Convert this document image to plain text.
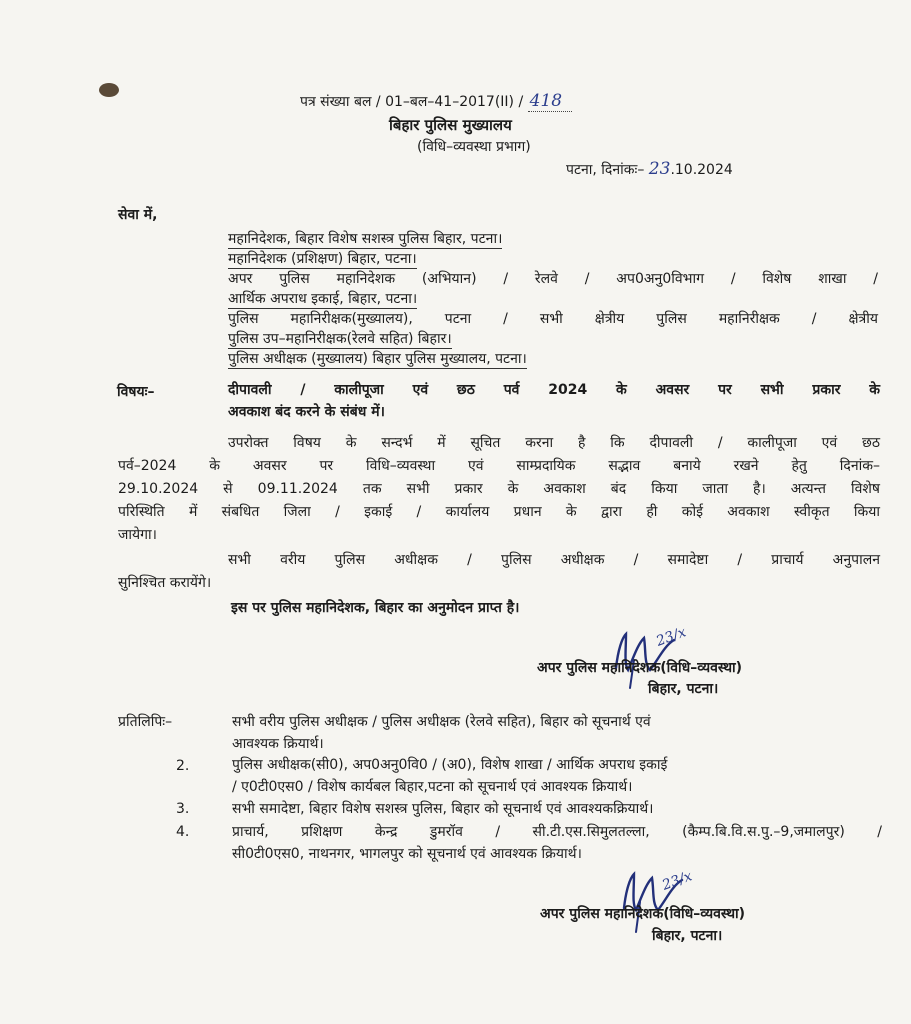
पत्र संख्या बल / 01–बल–41–2017(II) / 418
बिहार पुलिस मुख्यालय
(विधि–व्यवस्था प्रभाग)
पटना, दिनांकः– 23.10.2024
सेवा में,
महानिदेशक, बिहार विशेष सशस्त्र पुलिस बिहार, पटना।
महानिदेशक (प्रशिक्षण) बिहार, पटना।
अपर पुलिस महानिदेशक (अभियान) / रेलवे / अप0अनु0विभाग / विशेष शाखा /
आर्थिक अपराध इकाई, बिहार, पटना।
पुलिस महानिरीक्षक(मुख्यालय), पटना / सभी क्षेत्रीय पुलिस महानिरीक्षक / क्षेत्रीय
पुलिस उप–महानिरीक्षक(रेलवे सहित) बिहार।
पुलिस अधीक्षक (मुख्यालय) बिहार पुलिस मुख्यालय, पटना।
विषयः–	दीपावली / कालीपूजा एवं छठ पर्व 2024 के अवसर पर सभी प्रकार के
अवकाश बंद करने के संबंध में।
उपरोक्त विषय के सन्दर्भ में सूचित करना है कि दीपावली / कालीपूजा एवं छठ
पर्व–2024 के अवसर पर विधि–व्यवस्था एवं साम्प्रदायिक सद्भाव बनाये रखने हेतु दिनांक–
29.10.2024 से 09.11.2024 तक सभी प्रकार के अवकाश बंद किया जाता है। अत्यन्त विशेष
परिस्थिति में संबधित जिला / इकाई / कार्यालय प्रधान के द्वारा ही कोई अवकाश स्वीकृत किया
जायेगा।
सभी वरीय पुलिस अधीक्षक / पुलिस अधीक्षक / समादेष्टा / प्राचार्य अनुपालन
सुनिश्चित करायेंगे।
इस पर पुलिस महानिदेशक, बिहार का अनुमोदन प्राप्त है।
23/x
अपर पुलिस महानिदेशक(विधि–व्यवस्था)
बिहार, पटना।
प्रतिलिपिः–	सभी वरीय पुलिस अधीक्षक / पुलिस अधीक्षक (रेलवे सहित), बिहार को सूचनार्थ एवं
आवश्यक क्रियार्थ।
2.	पुलिस अधीक्षक(सी0), अप0अनु0वि0 / (अ0), विशेष शाखा / आर्थिक अपराध इकाई
/ ए0टी0एस0 / विशेष कार्यबल बिहार,पटना को सूचनार्थ एवं आवश्यक क्रियार्थ।
3.	सभी समादेष्टा, बिहार विशेष सशस्त्र पुलिस, बिहार को सूचनार्थ एवं आवश्यकक्रियार्थ।
4.	प्राचार्य, प्रशिक्षण केन्द्र डुमरॉव / सी.टी.एस.सिमुलतल्ला, (कैम्प.बि.वि.स.पु.–9,जमालपुर) /
सी0टी0एस0, नाथनगर, भागलपुर को सूचनार्थ एवं आवश्यक क्रियार्थ।
23/x
अपर पुलिस महानिदेशक(विधि–व्यवस्था)
बिहार, पटना।
